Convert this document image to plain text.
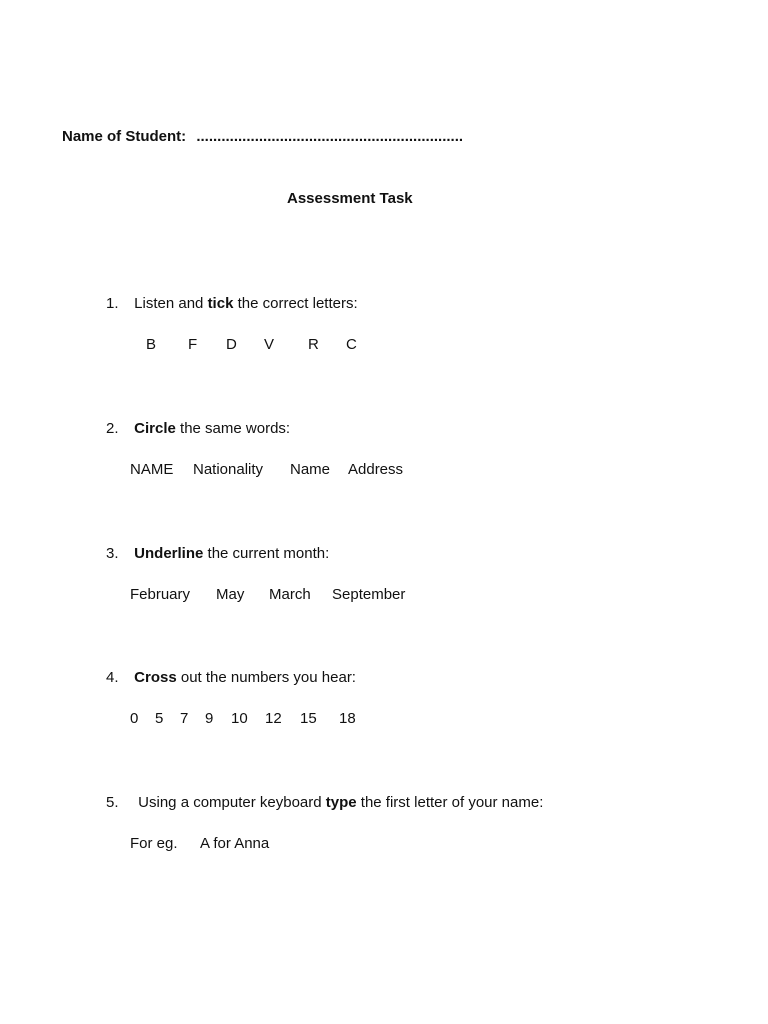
Name of Student: ................................................................
Assessment Task
1. Listen and tick the correct letters:
B F D V R C
2. Circle the same words:
NAME Nationality Name Address
3. Underline the current month:
February May March September
4. Cross out the numbers you hear:
0 5 7 9 10 12 15 18
5. Using a computer keyboard type the first letter of your name:
For eg. A for Anna
